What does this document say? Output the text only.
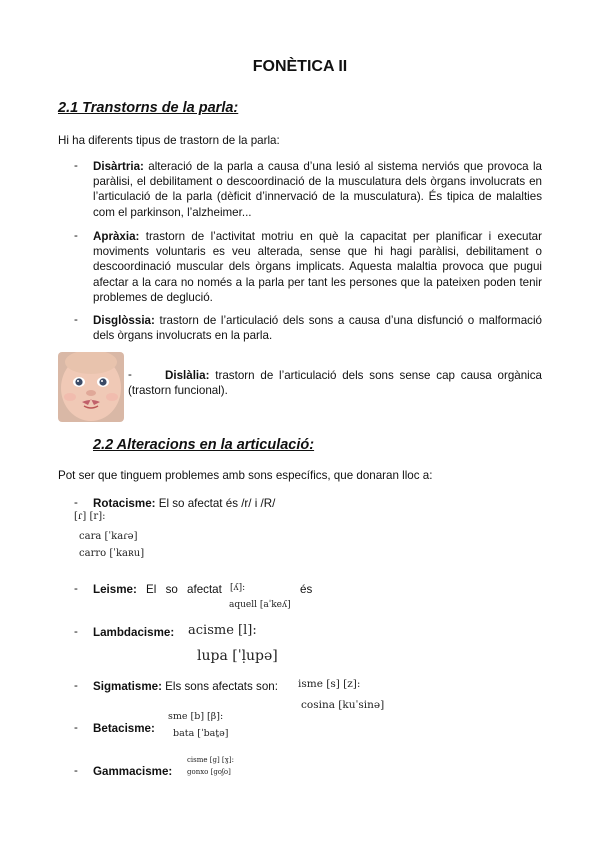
FONÈTICA II
2.1 Transtorns de la parla:
Hi ha diferents tipus de trastorn de la parla:
- Disàrtria: alteració de la parla a causa d’una lesió al sistema nerviós que provoca la paràlisi, el debilitament o descoordinació de la musculatura dels òrgans involucrats en l’articulació de la parla (dèficit d’innervació de la musculatura). És tipica de malalties com el parkinson, l’alzheimer...
- Apràxia: trastorn de l’activitat motriu en què la capacitat per planificar i executar moviments voluntaris es veu alterada, sense que hi hagi paràlisi, debilitament o descoordinació muscular dels òrgans implicats. Aquesta malaltia provoca que pugui afectar a la cara no només a la parla per tant les persones que la pateixen poden tenir problemes de deglució.
- Disglòssia: trastorn de l’articulació dels sons a causa d’una disfunció o malformació dels òrgans involucrats en la parla.
-	Dislàlia: trastorn de l’articulació dels sons sense cap causa orgànica (trastorn funcional).
2.2 Alteracions en la articulació:
Pot ser que tinguem problemes amb sons específics, que donaran lloc a:
- Rotacisme: El so afectat és /r/ i /R/
[ɾ] [r]:
cara [ˈkaɾə]
carro [ˈkaʀu]
- Leisme: El so afectat [ʎ]:	és
aquell [aˈkeʎ]
- Lambdacisme: acisme [l]:
lupa [ˈḷupə]
- Sigmatisme: Els sons afectats son: isme [s] [z]:
cosina [kuˈsinə]
sme [b] [β]:
- Betacisme: bata [ˈbaṯə]
cisme [ɡ] [ɣ]:
- Gammacisme: gonxo [ɡoʃo]
